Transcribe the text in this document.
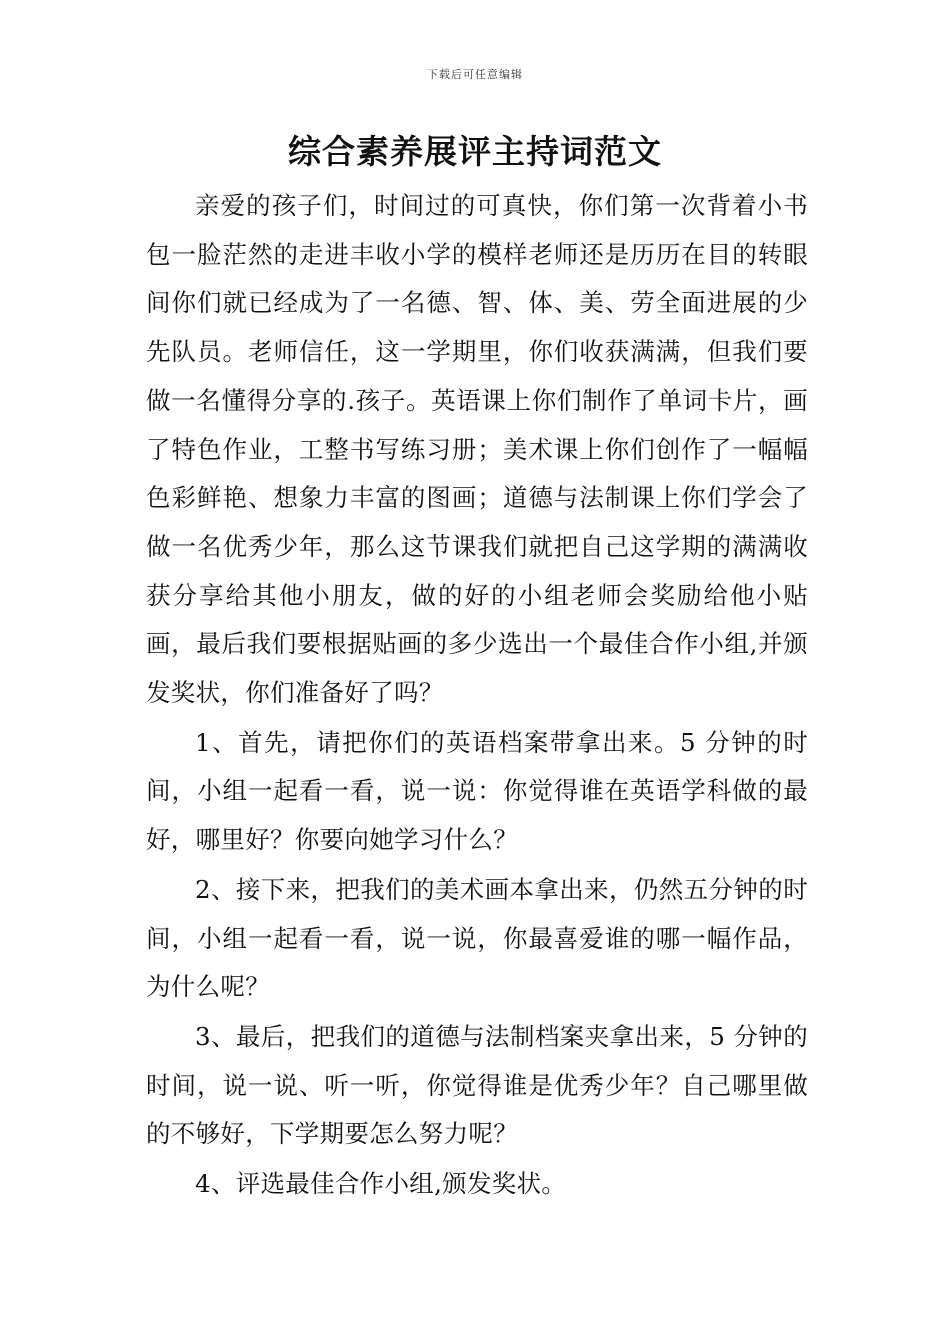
下载后可任意编辑
综合素养展评主持词范文

亲爱的孩子们，时间过的可真快，你们第一次背着小书包一脸茫然的走进丰收小学的模样老师还是历历在目的转眼间你们就已经成为了一名德、智、体、美、劳全面进展的少先队员。老师信任，这一学期里，你们收获满满，但我们要做一名懂得分享的.孩子。英语课上你们制作了单词卡片，画了特色作业，工整书写练习册；美术课上你们创作了一幅幅色彩鲜艳、想象力丰富的图画；道德与法制课上你们学会了做一名优秀少年，那么这节课我们就把自己这学期的满满收获分享给其他小朋友，做的好的小组老师会奖励给他小贴画，最后我们要根据贴画的多少选出一个最佳合作小组,并颁发奖状，你们准备好了吗？

1、首先，请把你们的英语档案带拿出来。5 分钟的时间，小组一起看一看，说一说：你觉得谁在英语学科做的最好，哪里好？你要向她学习什么？

2、接下来，把我们的美术画本拿出来，仍然五分钟的时间，小组一起看一看，说一说，你最喜爱谁的哪一幅作品，为什么呢？

3、最后，把我们的道德与法制档案夹拿出来，5 分钟的时间，说一说、听一听，你觉得谁是优秀少年？自己哪里做的不够好，下学期要怎么努力呢？

4、评选最佳合作小组,颁发奖状。
